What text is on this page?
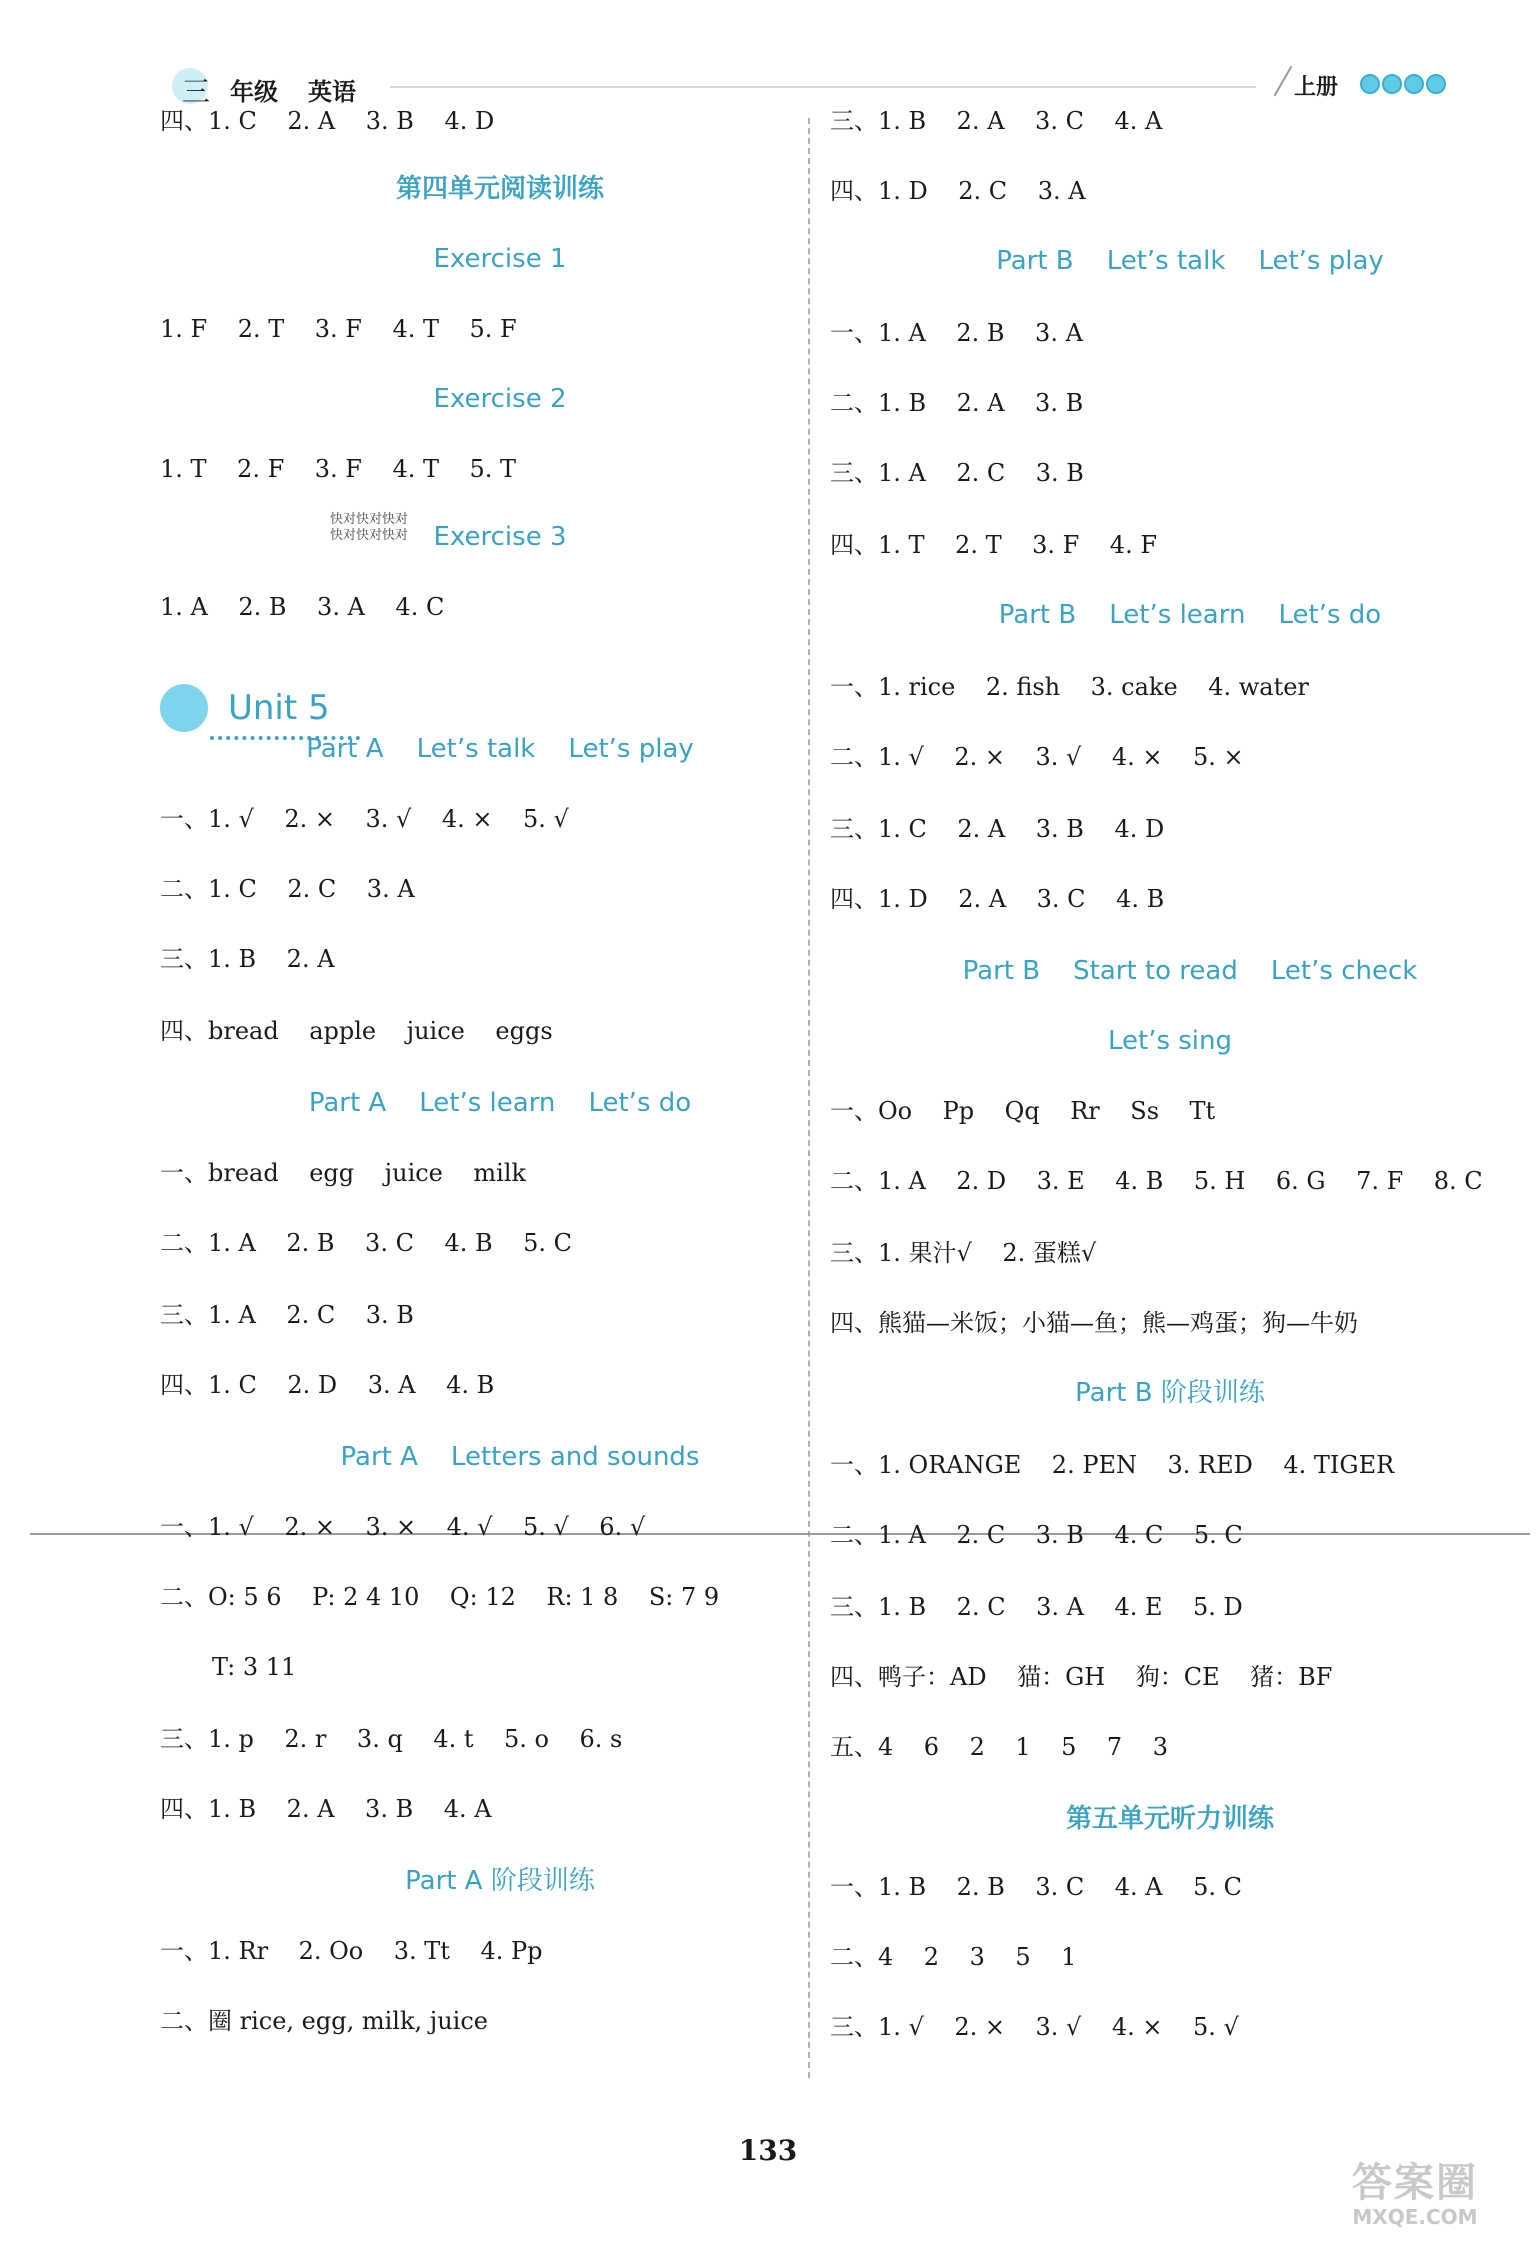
三 年级 英语	上册
Unit 5
快对快对快对
快对快对快对
133
答案圈
MXQE.COM
四、1. C    2. A    3. B    4. D
第四单元阅读训练
Exercise 1
1. F    2. T    3. F    4. T    5. F
Exercise 2
1. T    2. F    3. F    4. T    5. T
Exercise 3
1. A    2. B    3. A    4. C
Part A    Let’s talk    Let’s play
一、1. √    2. ×    3. √    4. ×    5. √
二、1. C    2. C    3. A
三、1. B    2. A
四、bread    apple    juice    eggs
Part A    Let’s learn    Let’s do
一、bread    egg    juice    milk
二、1. A    2. B    3. C    4. B    5. C
三、1. A    2. C    3. B
四、1. C    2. D    3. A    4. B
Part A    Letters and sounds
一、1. √    2. ×    3. ×    4. √    5. √    6. √
二、O: 5 6    P: 2 4 10    Q: 12    R: 1 8    S: 7 9
T: 3 11
三、1. p    2. r    3. q    4. t    5. o    6. s
四、1. B    2. A    3. B    4. A
Part A 阶段训练
一、1. Rr    2. Oo    3. Tt    4. Pp
二、圈 rice, egg, milk, juice
三、1. B    2. A    3. C    4. A
四、1. D    2. C    3. A
Part B    Let’s talk    Let’s play
一、1. A    2. B    3. A
二、1. B    2. A    3. B
三、1. A    2. C    3. B
四、1. T    2. T    3. F    4. F
Part B    Let’s learn    Let’s do
一、1. rice    2. fish    3. cake    4. water
二、1. √    2. ×    3. √    4. ×    5. ×
三、1. C    2. A    3. B    4. D
四、1. D    2. A    3. C    4. B
Part B    Start to read    Let’s check
Let’s sing
一、Oo    Pp    Qq    Rr    Ss    Tt
二、1. A    2. D    3. E    4. B    5. H    6. G    7. F    8. C
三、1. 果汁√    2. 蛋糕√
四、熊猫—米饭；小猫—鱼；熊—鸡蛋；狗—牛奶
Part B 阶段训练
一、1. ORANGE    2. PEN    3. RED    4. TIGER
二、1. A    2. C    3. B    4. C    5. C
三、1. B    2. C    3. A    4. E    5. D
四、鸭子：AD    猫：GH    狗：CE    猪：BF
五、4    6    2    1    5    7    3
第五单元听力训练
一、1. B    2. B    3. C    4. A    5. C
二、4    2    3    5    1
三、1. √    2. ×    3. √    4. ×    5. √
